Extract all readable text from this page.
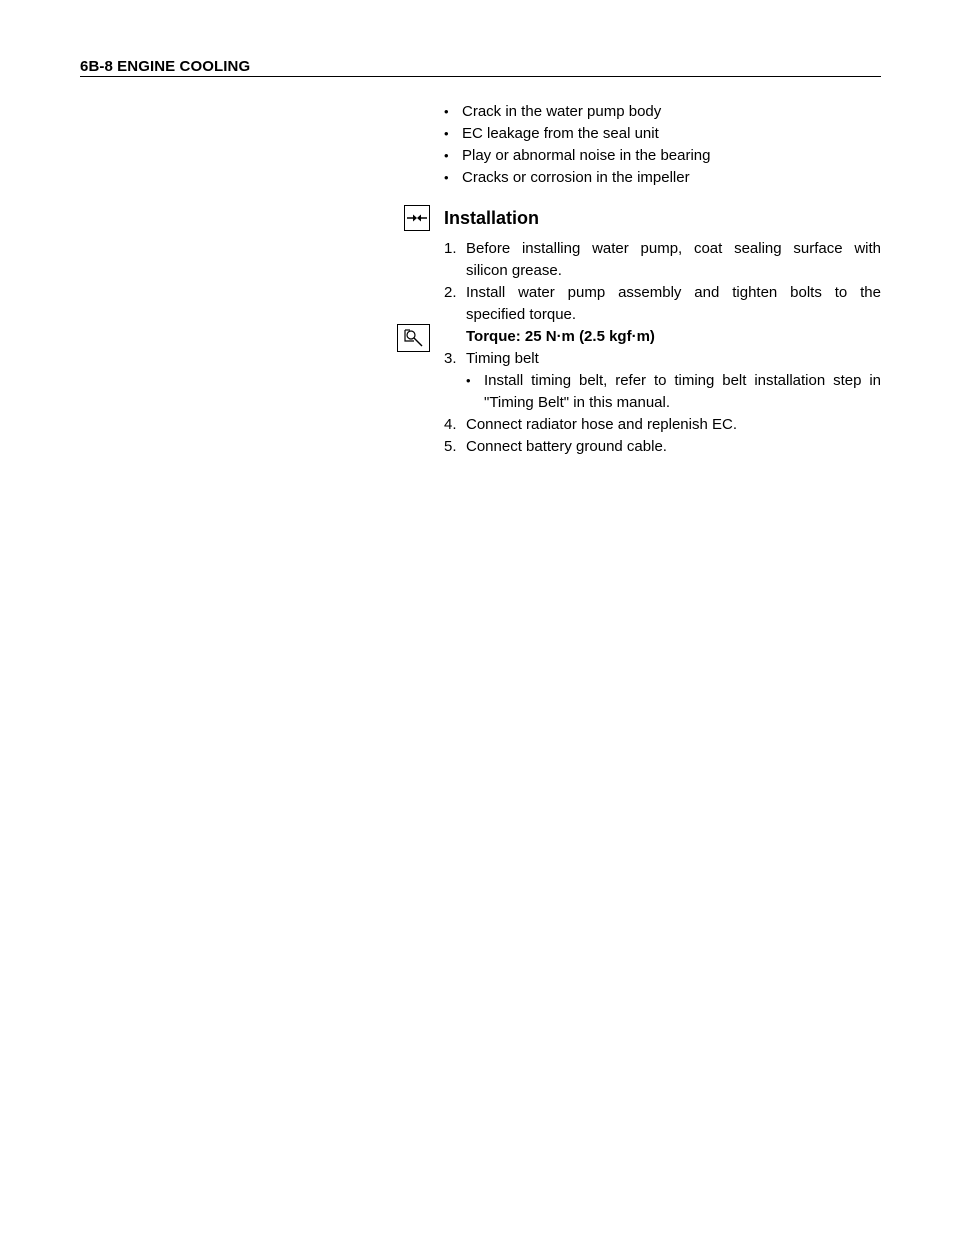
6B-8 ENGINE COOLING
• Crack in the water pump body
• EC leakage from the seal unit
• Play or abnormal noise in the bearing
• Cracks or corrosion in the impeller
Installation
1. Before installing water pump, coat sealing surface with
silicon grease.
2. Install water pump assembly and tighten bolts to the
specified torque.
Torque: 25 N·m (2.5 kgf·m)
3. Timing belt
• Install timing belt, refer to timing belt installation step in
"Timing Belt" in this manual.
4. Connect radiator hose and replenish EC.
5. Connect battery ground cable.
